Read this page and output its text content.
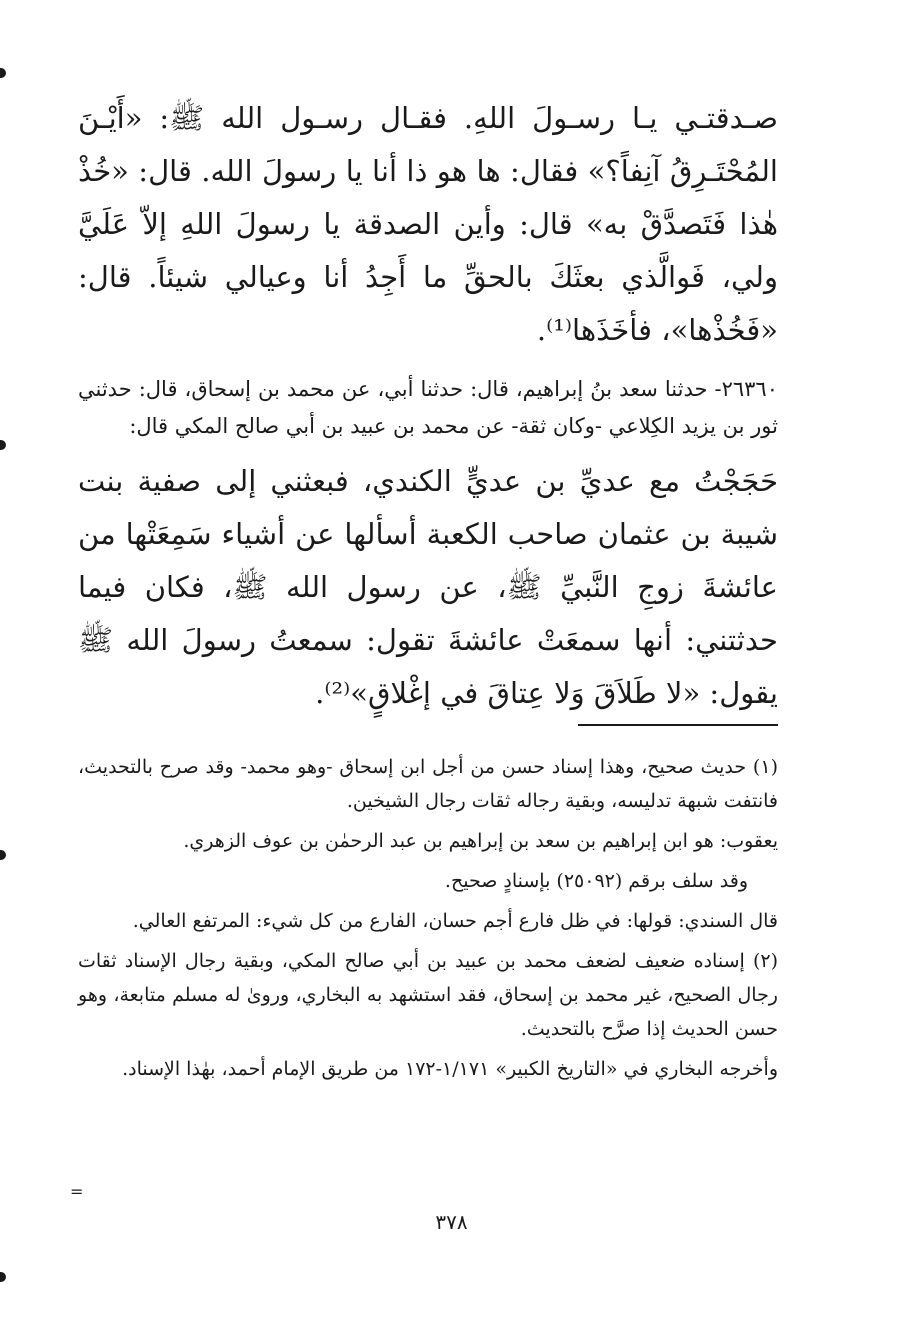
صـدقتـي يـا رسـولَ اللهِ. فقـال رسـول الله ﷺ: «أَيْـنَ المُحْتَـرِقُ آنِفاً؟» فقال: ها هو ذا أنا يا رسولَ الله. قال: «خُذْ هٰذا فَتَصدَّقْ به» قال: وأين الصدقة يا رسولَ اللهِ إلاّ عَلَيَّ ولي، فَوالَّذي بعثَكَ بالحقِّ ما أَجِدُ أنا وعيالي شيئاً. قال: «فَخُذْها»، فأخَذَها⁽¹⁾.

٢٦٣٦٠- حدثنا سعد بنُ إبراهيم، قال: حدثنا أبي، عن محمد بن إسحاق، قال: حدثني ثور بن يزيد الكِلاعي -وكان ثقة- عن محمد بن عبيد بن أبي صالح المكي قال:

حَجَجْتُ مع عديِّ بن عديٍّ الكندي، فبعثني إلى صفية بنت شيبة بن عثمان صاحب الكعبة أسألها عن أشياء سَمِعَتْها من عائشةَ زوجِ النَّبيِّ ﷺ، عن رسول الله ﷺ، فكان فيما حدثتني: أنها سمعَتْ عائشةَ تقول: سمعتُ رسولَ الله ﷺ يقول: «لا طَلاَقَ وَلا عِتاقَ في إغْلاقٍ»⁽²⁾.

(١) حديث صحيح، وهذا إسناد حسن من أجل ابن إسحاق -وهو محمد- وقد صرح بالتحديث، فانتفت شبهة تدليسه، وبقية رجاله ثقات رجال الشيخين.

يعقوب: هو ابن إبراهيم بن سعد بن إبراهيم بن عبد الرحمٰن بن عوف الزهري.

وقد سلف برقم (٢٥٠٩٢) بإسنادٍ صحيح.

قال السندي: قولها: في ظل فارع أجم حسان، الفارع من كل شيء: المرتفع العالي.

(٢) إسناده ضعيف لضعف محمد بن عبيد بن أبي صالح المكي، وبقية رجال الإسناد ثقات رجال الصحيح، غير محمد بن إسحاق، فقد استشهد به البخاري، وروىٰ له مسلم متابعة، وهو حسن الحديث إذا صرَّح بالتحديث.

وأخرجه البخاري في «التاريخ الكبير» ١/١٧١-١٧٢ من طريق الإمام أحمد، بهٰذا الإسناد.

=
٣٧٨
